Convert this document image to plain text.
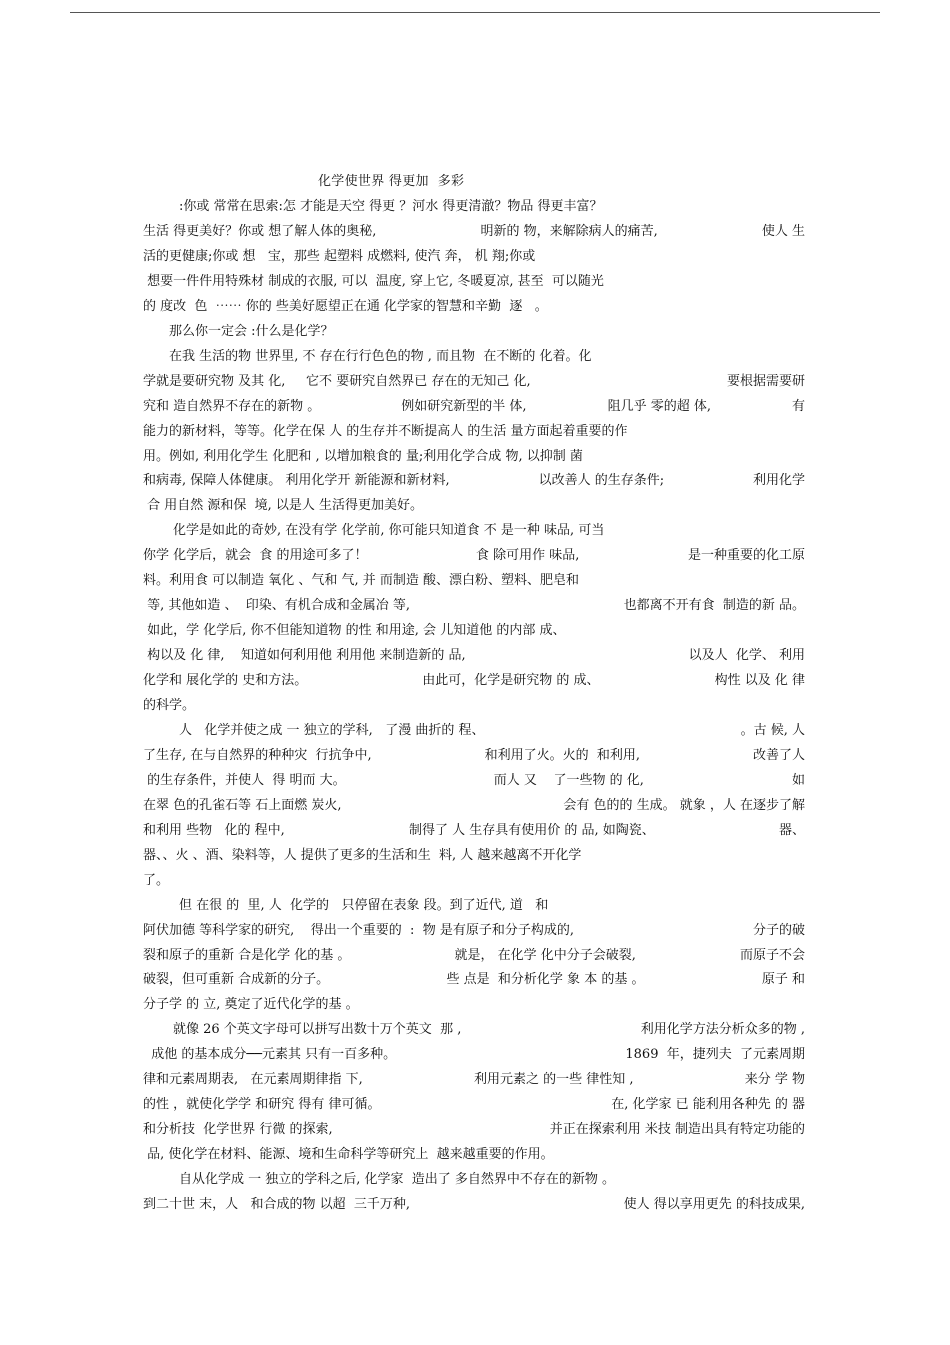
化学使世界 得更加  多彩
:你或 常常在思索:怎 才能是天空 得更 ？河水 得更清澈？物品 得更丰富？
生活 得更美好？你或 想了解人体的奥秘,	明新的 物，来解除病人的痛苦,	使人 生
活的更健康;你或 想   宝，那些 起塑料 成燃料, 使汽 奔， 机 翔;你或
想要一件件用特殊材 制成的衣服, 可以  温度, 穿上它, 冬暖夏凉, 甚至  可以随光
的 度改  色  ⋯⋯ 你的 些美好愿望正在通 化学家的智慧和辛勤  逐   。
那么你一定会 :什么是化学？
在我 生活的物 世界里, 不 存在行行色色的物 , 而且物  在不断的 化着。化
学就是要研究物 及其 化,     它不 要研究自然界已 存在的无知己 化,	要根据需要研
究和 造自然界不存在的新物 。	例如研究新型的半 体,	阻几乎 零的超 体,	有
能力的新材料，等等。化学在保 人 的生存并不断提高人 的生活 量方面起着重要的作
用。例如, 利用化学生 化肥和 , 以增加粮食的 量;利用化学合成 物, 以抑制 菌
和病毒, 保障人体健康。 利用化学开 新能源和新材料,	以改善人 的生存条件;	利用化学
合 用自然 源和保  境, 以是人 生活得更加美好。
化学是如此的奇妙, 在没有学 化学前, 你可能只知道食 不 是一种 味品, 可当
你学 化学后，就会  食 的用途可多了！	食 除可用作 味品,	是一种重要的化工原
料。利用食 可以制造 氧化 、气和 气, 并 而制造 酸、漂白粉、塑料、肥皂和
等, 其他如造 、  印染、有机合成和金属冶 等,	也都离不开有食  制造的新 品。
如此，学 化学后, 你不但能知道物 的性 和用途, 会 儿知道他 的内部 成、
构以及 化 律,    知道如何利用他 利用他 来制造新的 品,	以及人  化学、 利用
化学和 展化学的 史和方法。	由此可，化学是研究物 的 成、	构性 以及 化 律
的科学。
人   化学并使之成 一 独立的学科,   了漫 曲折的 程、	。古 候, 人
了生存, 在与自然界的种种灾  行抗争中,	和利用了火。火的  和利用,	改善了人
的生存条件，并使人  得 明而 大。	而人 又    了一些物 的 化,	如
在翠 色的孔雀石等 石上面燃 炭火,	会有 色的的 生成。 就象 ，人 在逐步了解
和利用 些物   化的 程中,	制得了 人 生存具有使用价 的 品, 如陶瓷、	器、
器、、火 、酒、染料等，人 提供了更多的生活和生  料, 人 越来越离不开化学
了。
但 在很 的  里, 人  化学的   只停留在表象 段。到了近代, 道   和
阿伏加德 等科学家的研究,    得出一个重要的  :  物 是有原子和分子构成的,	分子的破
裂和原子的重新 合是化学 化的基 。	就是， 在化学 化中分子会破裂,	而原子不会
破裂，但可重新 合成新的分子。	些 点是  和分析化学 象 本 的基 。	原子 和
分子学 的 立, 奠定了近代化学的基 。
就像 26 个英文字母可以拼写出数十万个英文  那 ,	利用化学方法分析众多的物 ,
成他 的基本成分──元素其 只有一百多种。	1869  年，捷列夫  了元素周期
律和元素周期表,   在元素周期律指 下,	利用元素之 的一些 律性知 ,	来分 学 物
的性 ，就使化学学 和研究 得有 律可循。	在, 化学家 已 能利用各种先 的 器
和分析技  化学世界 行微 的探索,	并正在探索利用 米技 制造出具有特定功能的
品, 使化学在材料、能源、境和生命科学等研究上  越来越重要的作用。
自从化学成 一 独立的学科之后, 化学家  造出了 多自然界中不存在的新物 。
到二十世 末，人   和合成的物 以超  三千万种,	使人 得以享用更先 的科技成果,
